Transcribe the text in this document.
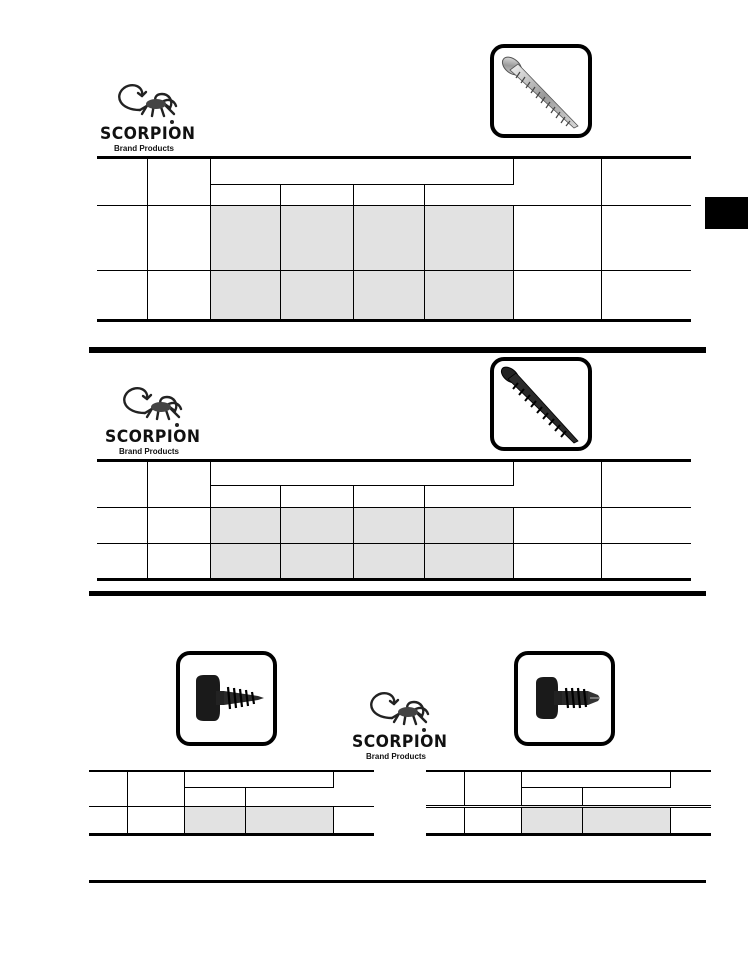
SCORPION
Brand Products

SCORPION
Brand Products

SCORPION
Brand Products
